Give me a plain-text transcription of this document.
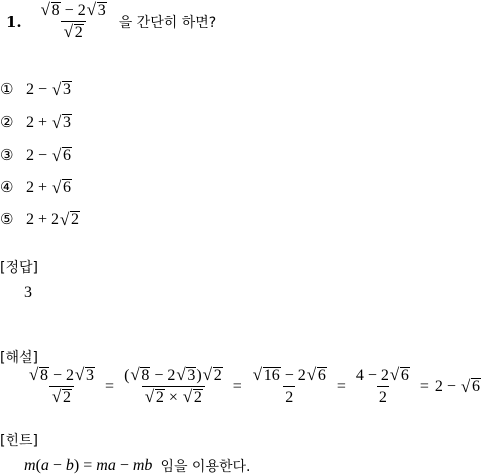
1. √ 8 − 2 √ 3
√ 2 을 간단히 하면?
① 2 − √ 3
② 2 + √ 3
③ 2 − √ 6
④ 2 + √ 6
⑤ 2 + 2 √ 2
[정답]
3
[해설]
√ 8 − 2 √ 3
√ 2 = ( √ 8 − 2 √ 3) √ 2
√ 2 × √ 2 = √ $\frac{16 - 2 √ 6}{2} = \frac{4 - 2 √ 6}{2} = 2$ − √ 6
[힌트]
m(a − b) = ma − mb 임을 이용한다.
